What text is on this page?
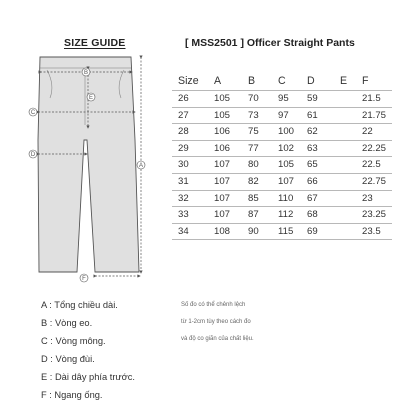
SIZE GUIDE	[ MSS2501 ] Officer Straight Pants
B
E
C
D
A
F
Size	A	B	C	D	E	F
26	105	70	95	59		21.5
27	105	73	97	61		21.75
28	106	75	100	62		22
29	106	77	102	63		22.25
30	107	80	105	65		22.5
31	107	82	107	66		22.75
32	107	85	110	67		23
33	107	87	112	68		23.25
34	108	90	115	69		23.5
A : Tổng chiều dài.
B : Vòng eo.
C : Vòng mông.
D : Vòng đùi.
E : Dài dây phía trước.
F : Ngang ống.
Số đo có thể chênh lệch
từ 1-2cm tùy theo cách đo
và độ co giãn của chất liệu.
